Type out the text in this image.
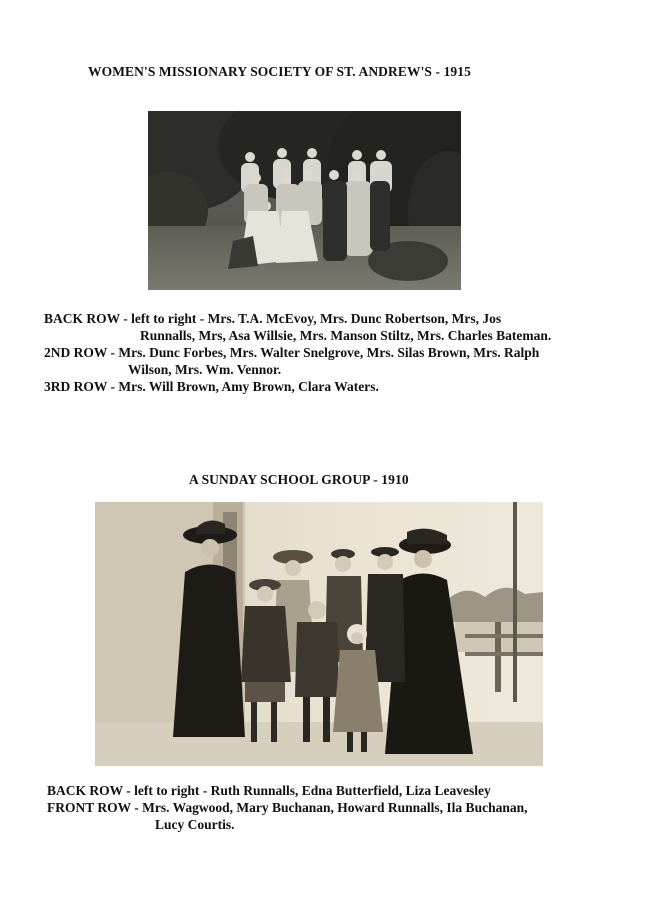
WOMEN'S MISSIONARY SOCIETY OF ST. ANDREW'S - 1915
BACK ROW - left to right - Mrs. T.A. McEvoy, Mrs. Dunc Robertson, Mrs, Jos
Runnalls, Mrs, Asa Willsie, Mrs. Manson Stiltz, Mrs. Charles Bateman.
2ND ROW - Mrs. Dunc Forbes, Mrs. Walter Snelgrove, Mrs. Silas Brown, Mrs. Ralph
Wilson, Mrs. Wm. Vennor.
3RD ROW - Mrs. Will Brown, Amy Brown, Clara Waters.
A SUNDAY SCHOOL GROUP - 1910
BACK ROW - left to right - Ruth Runnalls, Edna Butterfield, Liza Leavesley
FRONT ROW - Mrs. Wagwood, Mary Buchanan, Howard Runnalls, Ila Buchanan,
Lucy Courtis.
